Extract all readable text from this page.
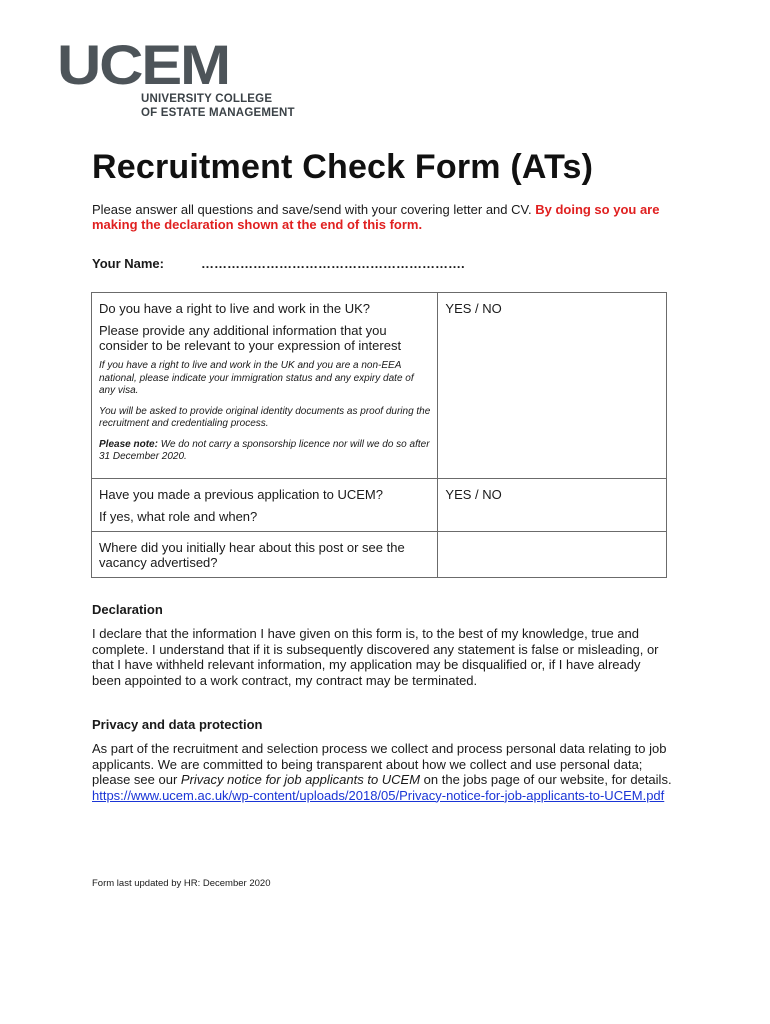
UCEM
UNIVERSITY COLLEGE
OF ESTATE MANAGEMENT
Recruitment Check Form (ATs)

Please answer all questions and save/send with your covering letter and CV. By doing so you are making the declaration shown at the end of this form.

Your Name:	…………………………………………………….
Do you have a right to live and work in the UK?
Please provide any additional information that you consider to be relevant to your expression of interest
If you have a right to live and work in the UK and you are a non-EEA national, please indicate your immigration status and any expiry date of any visa.
You will be asked to provide original identity documents as proof during the recruitment and credentialing process.
Please note: We do not carry a sponsorship licence nor will we do so after 31 December 2020.	YES / NO

Have you made a previous application to UCEM?
If yes, what role and when?	YES / NO

Where did you initially hear about this post or see the vacancy advertised?	

Declaration

I declare that the information I have given on this form is, to the best of my knowledge, true and complete. I understand that if it is subsequently discovered any statement is false or misleading, or that I have withheld relevant information, my application may be disqualified or, if I have already been appointed to a work contract, my contract may be terminated.

Privacy and data protection

As part of the recruitment and selection process we collect and process personal data relating to job applicants. We are committed to being transparent about how we collect and use personal data; please see our Privacy notice for job applicants to UCEM on the jobs page of our website, for details.
https://www.ucem.ac.uk/wp-content/uploads/2018/05/Privacy-notice-for-job-applicants-to-UCEM.pdf

Form last updated by HR: December 2020
